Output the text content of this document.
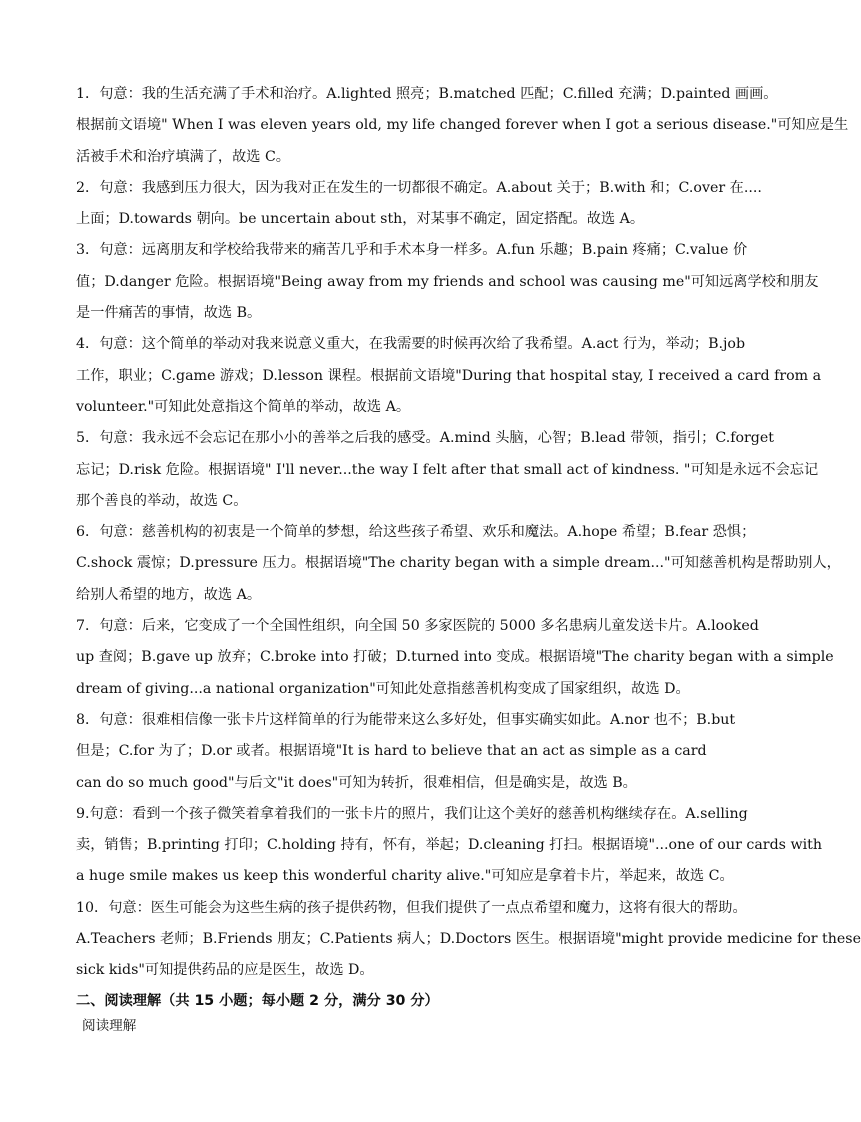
1．句意：我的生活充满了手术和治疗。A.lighted 照亮；B.matched 匹配；C.filled 充满；D.painted 画画。
根据前文语境" When I was eleven years old, my life changed forever when I got a serious disease."可知应是生
活被手术和治疗填满了，故选 C。

2．句意：我感到压力很大，因为我对正在发生的一切都很不确定。A.about 关于；B.with 和；C.over 在....
上面；D.towards 朝向。be uncertain about sth，对某事不确定，固定搭配。故选 A。

3．句意：远离朋友和学校给我带来的痛苦几乎和手术本身一样多。A.fun 乐趣；B.pain 疼痛；C.value 价
值；D.danger 危险。根据语境"Being away from my friends and school was causing me"可知远离学校和朋友
是一件痛苦的事情，故选 B。

4．句意：这个简单的举动对我来说意义重大，在我需要的时候再次给了我希望。A.act 行为，举动；B.job
工作，职业；C.game 游戏；D.lesson 课程。根据前文语境"During that hospital stay, I received a card from a
volunteer."可知此处意指这个简单的举动，故选 A。

5．句意：我永远不会忘记在那小小的善举之后我的感受。A.mind 头脑，心智；B.lead 带领，指引；C.forget
忘记；D.risk 危险。根据语境" I'll never...the way I felt after that small act of kindness. "可知是永远不会忘记
那个善良的举动，故选 C。

6．句意：慈善机构的初衷是一个简单的梦想，给这些孩子希望、欢乐和魔法。A.hope 希望；B.fear 恐惧；
C.shock 震惊；D.pressure 压力。根据语境"The charity began with a simple dream..."可知慈善机构是帮助别人，
给别人希望的地方，故选 A。

7．句意：后来，它变成了一个全国性组织，向全国 50 多家医院的 5000 多名患病儿童发送卡片。A.looked
up 查阅；B.gave up 放弃；C.broke into 打破；D.turned into 变成。根据语境"The charity began with a simple
dream of giving...a national organization"可知此处意指慈善机构变成了国家组织，故选 D。

8．句意：很难相信像一张卡片这样简单的行为能带来这么多好处，但事实确实如此。A.nor 也不；B.but
但是；C.for 为了；D.or 或者。根据语境"It is hard to believe that an act as simple as a card
can do so much good"与后文"it does"可知为转折，很难相信，但是确实是，故选 B。

9.句意：看到一个孩子微笑着拿着我们的一张卡片的照片，我们让这个美好的慈善机构继续存在。A.selling
卖，销售；B.printing 打印；C.holding 持有，怀有，举起；D.cleaning 打扫。根据语境"...one of our cards with
a huge smile makes us keep this wonderful charity alive."可知应是拿着卡片，举起来，故选 C。

10．句意：医生可能会为这些生病的孩子提供药物，但我们提供了一点点希望和魔力，这将有很大的帮助。
A.Teachers 老师；B.Friends 朋友；C.Patients 病人；D.Doctors 医生。根据语境"might provide medicine for these
sick kids"可知提供药品的应是医生，故选 D。

二、阅读理解（共 15 小题；每小题 2 分，满分 30 分）

阅读理解
